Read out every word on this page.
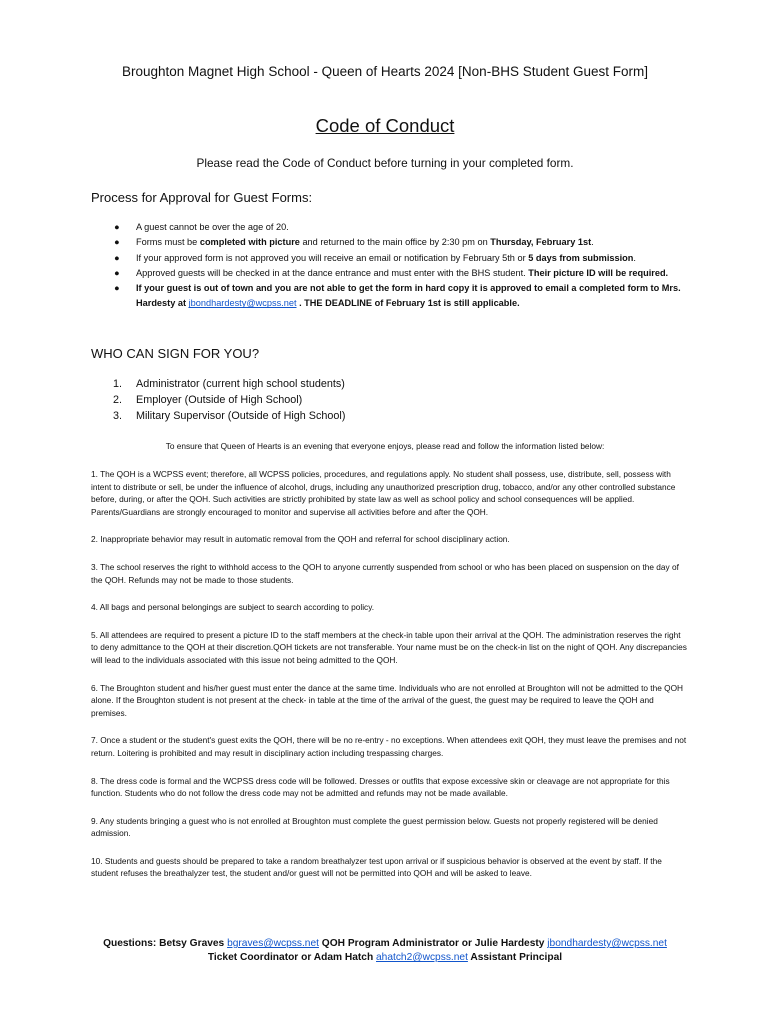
Broughton Magnet High School - Queen of Hearts 2024 [Non-BHS Student Guest Form]
Code of Conduct
Please read the Code of Conduct before turning in your completed form.
Process for Approval for Guest Forms:
● A guest cannot be over the age of 20.
● Forms must be completed with picture and returned to the main office by 2:30 pm on Thursday, February 1st.
● If your approved form is not approved you will receive an email or notification by February 5th or 5 days from submission.
● Approved guests will be checked in at the dance entrance and must enter with the BHS student. Their picture ID will be required.
● If your guest is out of town and you are not able to get the form in hard copy it is approved to email a completed form to Mrs. Hardesty at jbondhardesty@wcpss.net . THE DEADLINE of February 1st is still applicable.
WHO CAN SIGN FOR YOU?
1. Administrator (current high school students)
2. Employer (Outside of High School)
3. Military Supervisor (Outside of High School)
To ensure that Queen of Hearts is an evening that everyone enjoys, please read and follow the information listed below:

1. The QOH is a WCPSS event; therefore, all WCPSS policies, procedures, and regulations apply. No student shall possess, use, distribute, sell, possess with intent to distribute or sell, be under the influence of alcohol, drugs, including any unauthorized prescription drug, tobacco, and/or any other controlled substance before, during, or after the QOH. Such activities are strictly prohibited by state law as well as school policy and school consequences will be applied. Parents/Guardians are strongly encouraged to monitor and supervise all activities before and after the QOH.

2. Inappropriate behavior may result in automatic removal from the QOH and referral for school disciplinary action.

3. The school reserves the right to withhold access to the QOH to anyone currently suspended from school or who has been placed on suspension on the day of the QOH. Refunds may not be made to those students.

4. All bags and personal belongings are subject to search according to policy.

5. All attendees are required to present a picture ID to the staff members at the check-in table upon their arrival at the QOH. The administration reserves the right to deny admittance to the QOH at their discretion.QOH tickets are not transferable. Your name must be on the check-in list on the night of QOH. Any discrepancies will lead to the individuals associated with this issue not being admitted to the QOH.

6. The Broughton student and his/her guest must enter the dance at the same time. Individuals who are not enrolled at Broughton will not be admitted to the QOH alone. If the Broughton student is not present at the check- in table at the time of the arrival of the guest, the guest may be required to leave the QOH and premises.

7. Once a student or the student's guest exits the QOH, there will be no re-entry - no exceptions. When attendees exit QOH, they must leave the premises and not return. Loitering is prohibited and may result in disciplinary action including trespassing charges.

8. The dress code is formal and the WCPSS dress code will be followed. Dresses or outfits that expose excessive skin or cleavage are not appropriate for this function. Students who do not follow the dress code may not be admitted and refunds may not be made available.

9. Any students bringing a guest who is not enrolled at Broughton must complete the guest permission below. Guests not properly registered will be denied admission.

10. Students and guests should be prepared to take a random breathalyzer test upon arrival or if suspicious behavior is observed at the event by staff. If the student refuses the breathalyzer test, the student and/or guest will not be permitted into QOH and will be asked to leave.

Questions: Betsy Graves bgraves@wcpss.net QOH Program Administrator or Julie Hardesty jbondhardesty@wcpss.net
Ticket Coordinator or Adam Hatch ahatch2@wcpss.net Assistant Principal
